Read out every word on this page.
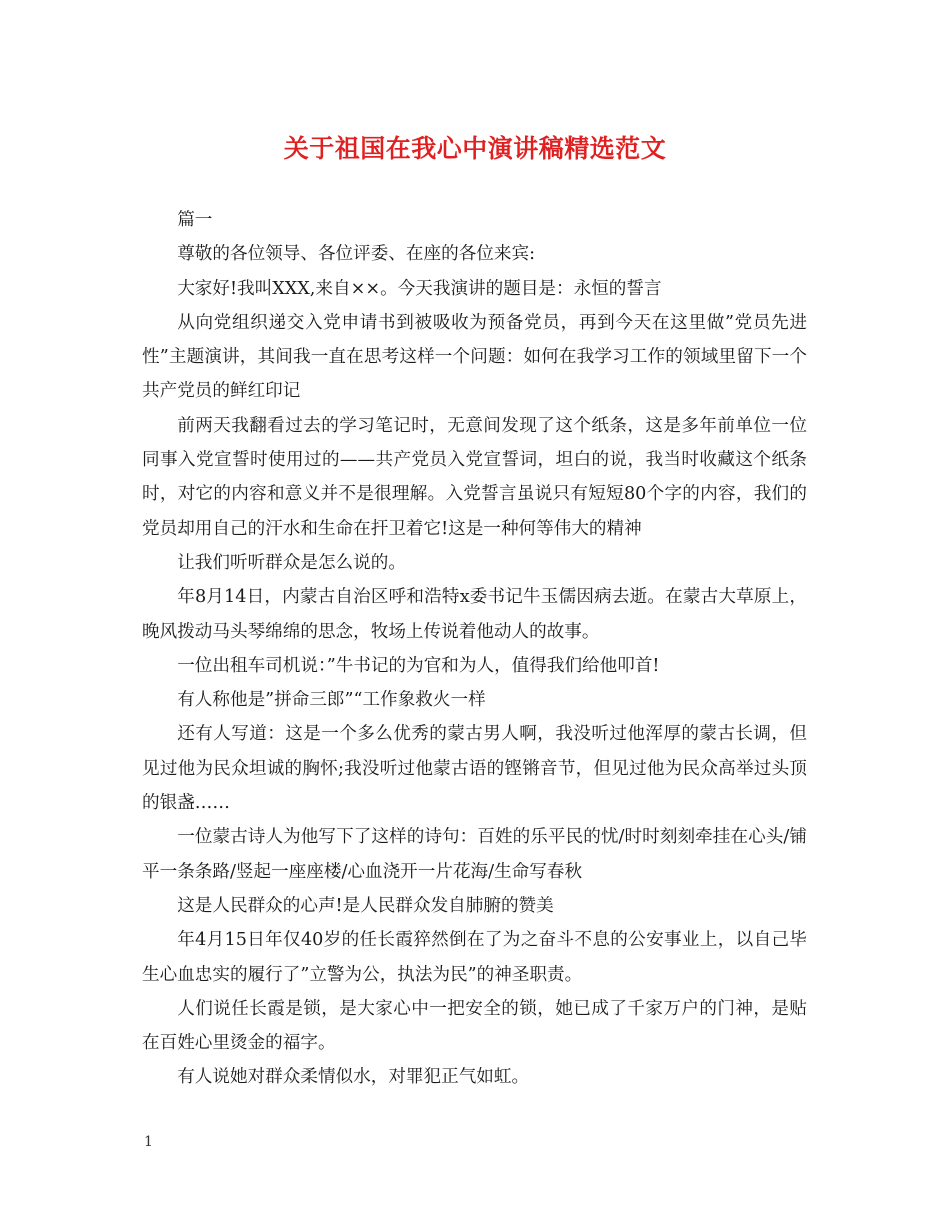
关于祖国在我心中演讲稿精选范文

篇一

尊敬的各位领导、各位评委、在座的各位来宾:

大家好!我叫XXX,来自××。今天我演讲的题目是：永恒的誓言

从向党组织递交入党申请书到被吸收为预备党员，再到今天在这里做”党员先进性”主题演讲，其间我一直在思考这样一个问题：如何在我学习工作的领域里留下一个共产党员的鲜红印记

前两天我翻看过去的学习笔记时，无意间发现了这个纸条，这是多年前单位一位同事入党宣誓时使用过的——共产党员入党宣誓词，坦白的说，我当时收藏这个纸条时，对它的内容和意义并不是很理解。入党誓言虽说只有短短80个字的内容，我们的党员却用自己的汗水和生命在扞卫着它!这是一种何等伟大的精神

让我们听听群众是怎么说的。

年8月14日，内蒙古自治区呼和浩特x委书记牛玉儒因病去逝。在蒙古大草原上，晚风拨动马头琴绵绵的思念，牧场上传说着他动人的故事。

一位出租车司机说：”牛书记的为官和为人，值得我们给他叩首!

有人称他是”拼命三郎”“工作象救火一样

还有人写道：这是一个多么优秀的蒙古男人啊，我没听过他浑厚的蒙古长调，但见过他为民众坦诚的胸怀;我没听过他蒙古语的铿锵音节，但见过他为民众高举过头顶的银盏……

一位蒙古诗人为他写下了这样的诗句：百姓的乐平民的忧/时时刻刻牵挂在心头/铺平一条条路/竖起一座座楼/心血浇开一片花海/生命写春秋

这是人民群众的心声!是人民群众发自肺腑的赞美

年4月15日年仅40岁的任长霞猝然倒在了为之奋斗不息的公安事业上，以自己毕生心血忠实的履行了”立警为公，执法为民”的神圣职责。

人们说任长霞是锁，是大家心中一把安全的锁，她已成了千家万户的门神，是贴在百姓心里烫金的福字。

有人说她对群众柔情似水，对罪犯正气如虹。

1
